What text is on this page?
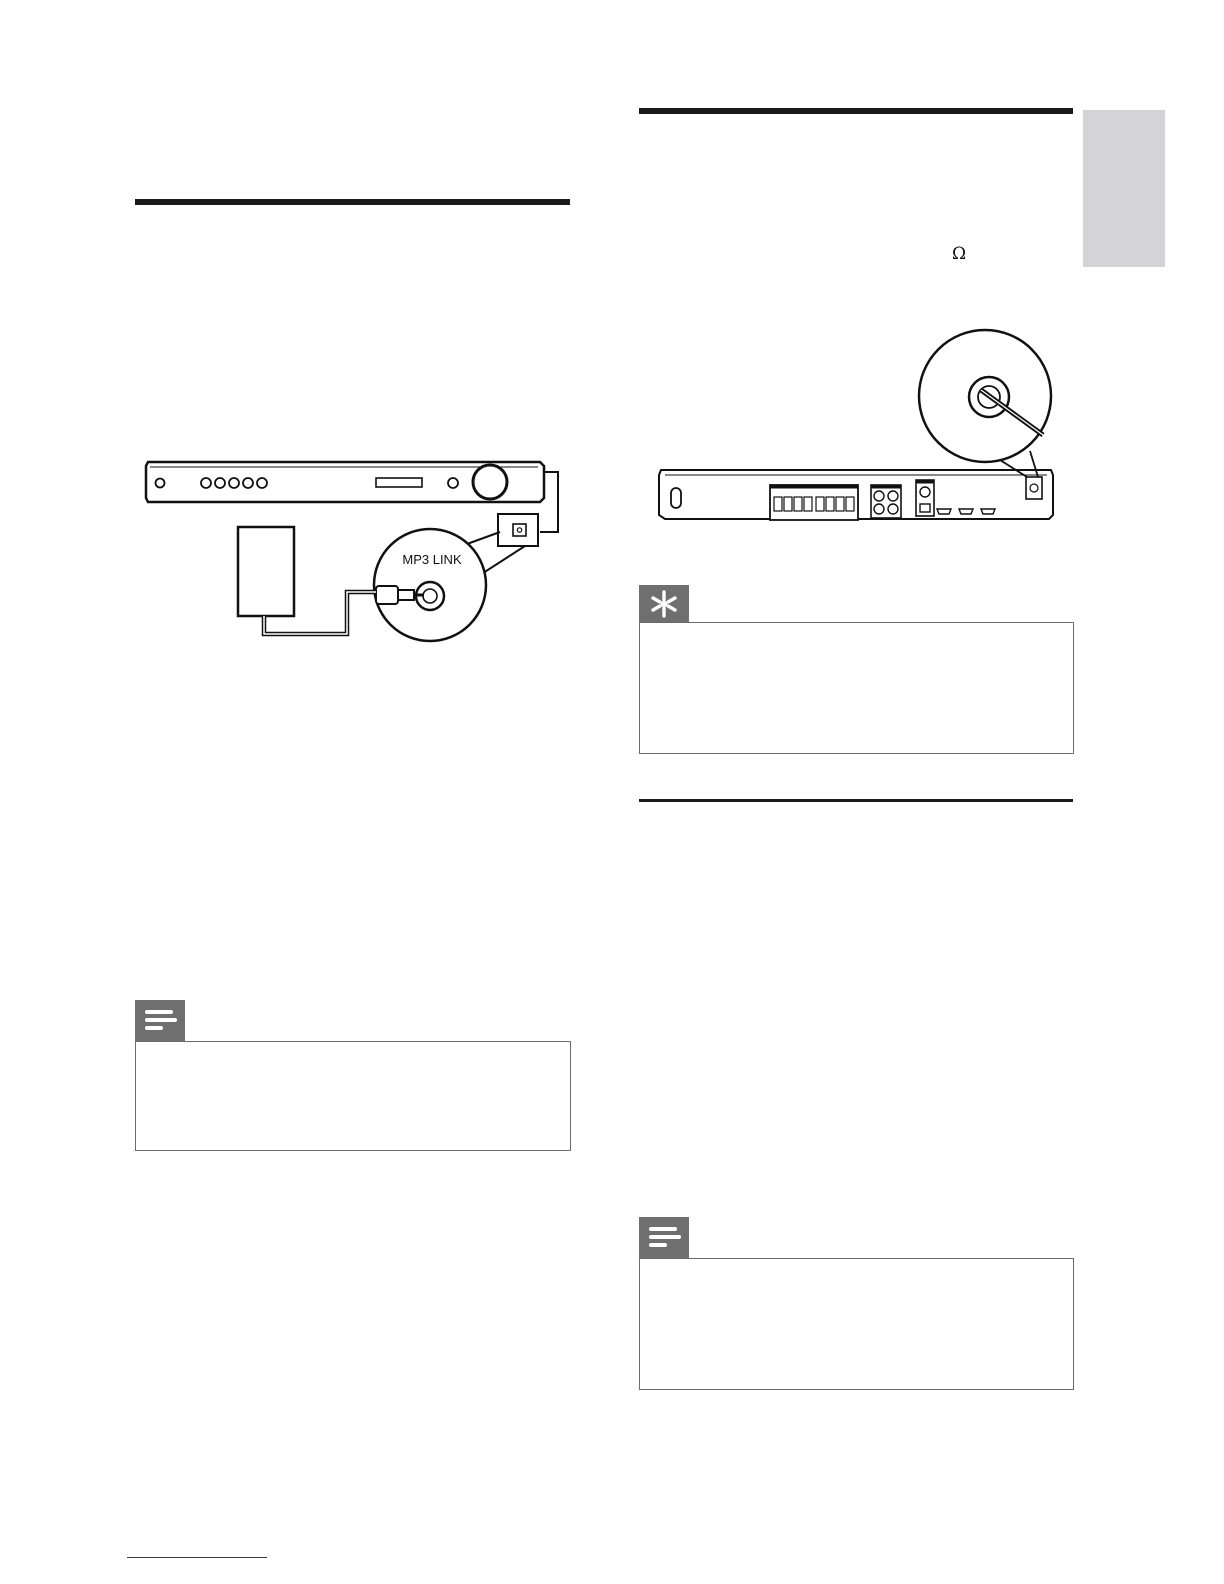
Ω
MP3 LINK
